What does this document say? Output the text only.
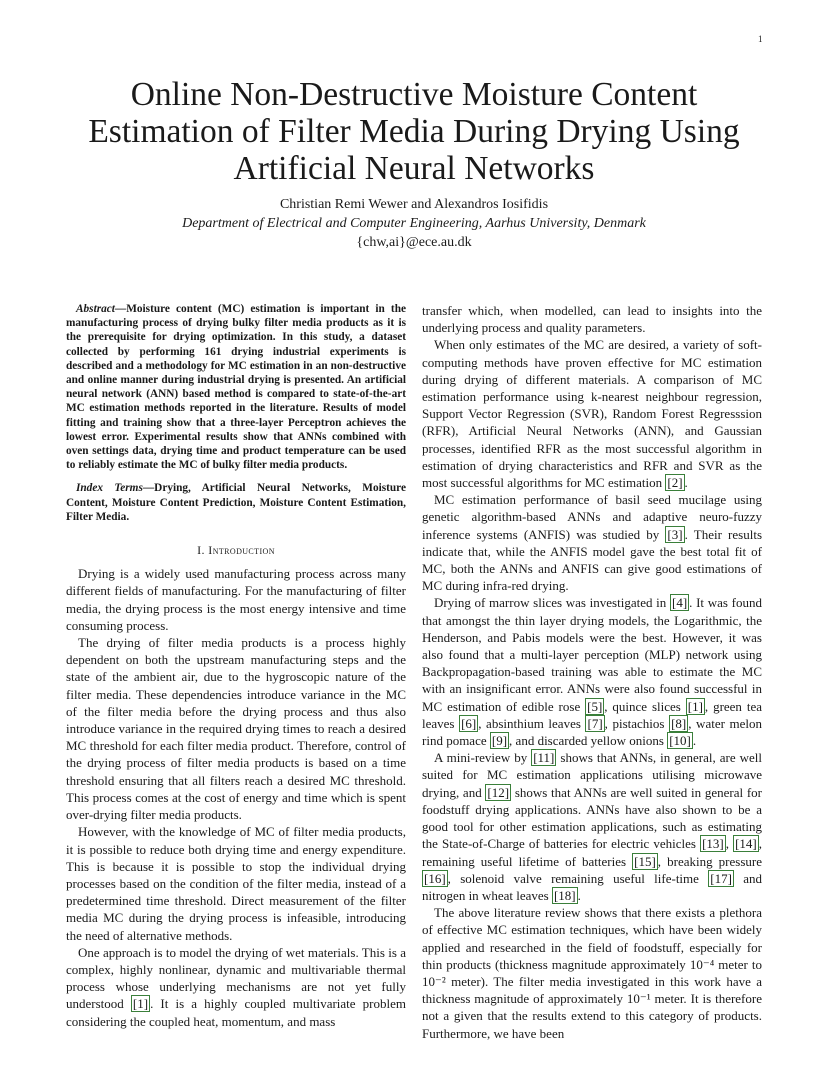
1
Online Non-Destructive Moisture Content Estimation of Filter Media During Drying Using Artificial Neural Networks
Christian Remi Wewer and Alexandros Iosifidis
Department of Electrical and Computer Engineering, Aarhus University, Denmark
{chw,ai}@ece.au.dk

Abstract—Moisture content (MC) estimation is important in the manufacturing process of drying bulky filter media products as it is the prerequisite for drying optimization. In this study, a dataset collected by performing 161 drying industrial experiments is described and a methodology for MC estimation in an non-destructive and online manner during industrial drying is presented. An artificial neural network (ANN) based method is compared to state-of-the-art MC estimation methods reported in the literature. Results of model fitting and training show that a three-layer Perceptron achieves the lowest error. Experimental results show that ANNs combined with oven settings data, drying time and product temperature can be used to reliably estimate the MC of bulky filter media products.

Index Terms—Drying, Artificial Neural Networks, Moisture Content, Moisture Content Prediction, Moisture Content Estimation, Filter Media.

I. Introduction

Drying is a widely used manufacturing process across many different fields of manufacturing. For the manufacturing of filter media, the drying process is the most energy intensive and time consuming process.

The drying of filter media products is a process highly dependent on both the upstream manufacturing steps and the state of the ambient air, due to the hygroscopic nature of the filter media. These dependencies introduce variance in the MC of the filter media before the drying process and thus also introduce variance in the required drying times to reach a desired MC threshold for each filter media product. Therefore, control of the drying process of filter media products is based on a time threshold ensuring that all filters reach a desired MC threshold. This process comes at the cost of energy and time which is spent over-drying filter media products.

However, with the knowledge of MC of filter media products, it is possible to reduce both drying time and energy expenditure. This is because it is possible to stop the individual drying processes based on the condition of the filter media, instead of a predetermined time threshold. Direct measurement of the filter media MC during the drying process is infeasible, introducing the need of alternative methods.

One approach is to model the drying of wet materials. This is a complex, highly nonlinear, dynamic and multivariable thermal process whose underlying mechanisms are not yet fully understood [1] . It is a highly coupled multivariate problem considering the coupled heat, momentum, and mass

transfer which, when modelled, can lead to insights into the underlying process and quality parameters.

When only estimates of the MC are desired, a variety of soft-computing methods have proven effective for MC estimation during drying of different materials. A comparison of MC estimation performance using k-nearest neighbour regression, Support Vector Regression (SVR), Random Forest Regresssion (RFR), Artificial Neural Networks (ANN), and Gaussian processes, identified RFR as the most successful algorithm in estimation of drying characteristics and RFR and SVR as the most successful algorithms for MC estimation [2] .

MC estimation performance of basil seed mucilage using genetic algorithm-based ANNs and adaptive neuro-fuzzy inference systems (ANFIS) was studied by [3] . Their results indicate that, while the ANFIS model gave the best total fit of MC, both the ANNs and ANFIS can give good estimations of MC during infra-red drying.

Drying of marrow slices was investigated in [4] . It was found that amongst the thin layer drying models, the Logarithmic, the Henderson, and Pabis models were the best. However, it was also found that a multi-layer perception (MLP) network using Backpropagation-based training was able to estimate the MC with an insignificant error. ANNs were also found successful in MC estimation of edible rose [5] , quince slices [1] , green tea leaves [6] , absinthium leaves [7] , pistachios [8] , water melon rind pomace [9] , and discarded yellow onions [10] .

A mini-review by [11] shows that ANNs, in general, are well suited for MC estimation applications utilising microwave drying, and [12] shows that ANNs are well suited in general for foodstuff drying applications. ANNs have also shown to be a good tool for other estimation applications, such as estimating the State-of-Charge of batteries for electric vehicles [13] , [14] , remaining useful lifetime of batteries [15] , breaking pressure [16] , solenoid valve remaining useful life-time [17] and nitrogen in wheat leaves [18] .

The above literature review shows that there exists a plethora of effective MC estimation techniques, which have been widely applied and researched in the field of foodstuff, especially for thin products (thickness magnitude approximately 10⁻⁴ meter to 10⁻² meter). The filter media investigated in this work have a thickness magnitude of approximately 10⁻¹ meter. It is therefore not a given that the results extend to this category of products. Furthermore, we have been
